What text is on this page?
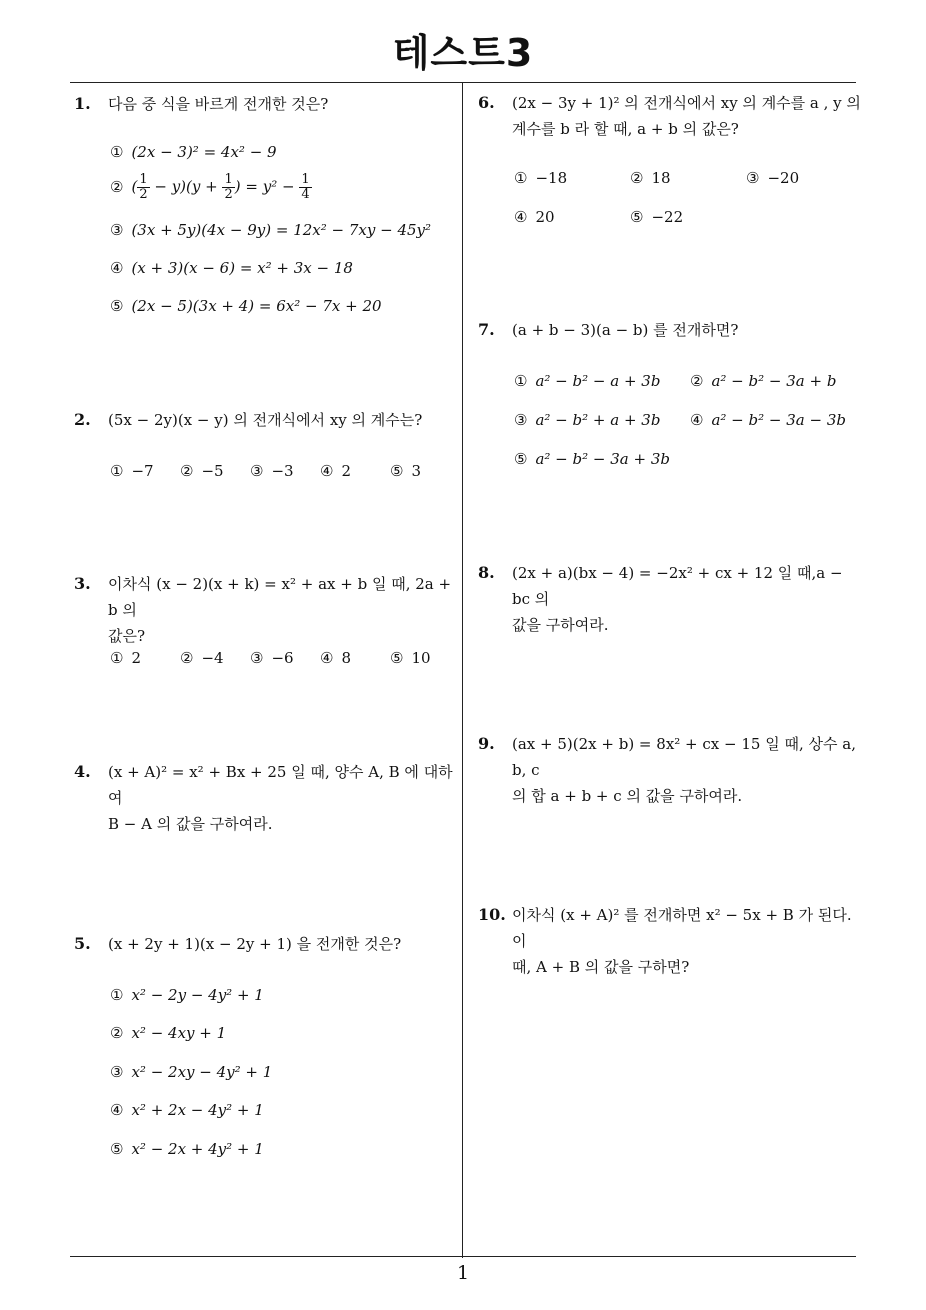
테스트3
1
1. 다음 중 식을 바르게 전개한 것은?
① (2x − 3)² = 4x² − 9
② ( $\frac{1}{2} - y)(y + \frac{1}{2}$ ) = $y^2 - \frac{1}{4}$
③ (3x + 5y)(4x − 9y) = 12x² − 7xy − 45y²
④ (x + 3)(x − 6) = x² + 3x − 18
⑤ (2x − 5)(3x + 4) = 6x² − 7x + 20
2. (5x − 2y)(x − y) 의 전개식에서 xy 의 계수는?
① −7 ② −5 ③ −3 ④ 2	⑤ 3
3. 이차식 (x − 2)(x + k) = x² + ax + b 일 때, 2a + b 의
값은?
① 2	② −4 ③ −6 ④ 8	⑤ 10
4. (x + A)² = x² + Bx + 25 일 때, 양수 A, B 에 대하여
B − A 의 값을 구하여라.
5. (x + 2y + 1)(x − 2y + 1) 을 전개한 것은?
① x² − 2y − 4y² + 1
② x² − 4xy + 1
③ x² − 2xy − 4y² + 1
④ x² + 2x − 4y² + 1
⑤ x² − 2x + 4y² + 1
6. (2x − 3y + 1)² 의 전개식에서 xy 의 계수를 a , y 의
계수를 b 라 할 때, a + b 의 값은?
① −18	② 18	③ −20
④ 20	⑤ −22
7. (a + b − 3)(a − b) 를 전개하면?
① a² − b² − a + 3b ② a² − b² − 3a + b
③ a² − b² + a + 3b ④ a² − b² − 3a − 3b
⑤ a² − b² − 3a + 3b
8. (2x + a)(bx − 4) = −2x² + cx + 12 일 때,a − bc 의
값을 구하여라.
9. (ax + 5)(2x + b) = 8x² + cx − 15 일 때, 상수 a, b, c
의 합 a + b + c 의 값을 구하여라.
10. 이차식 (x + A)² 를 전개하면 x² − 5x + B 가 된다. 이
때, A + B 의 값을 구하면?
